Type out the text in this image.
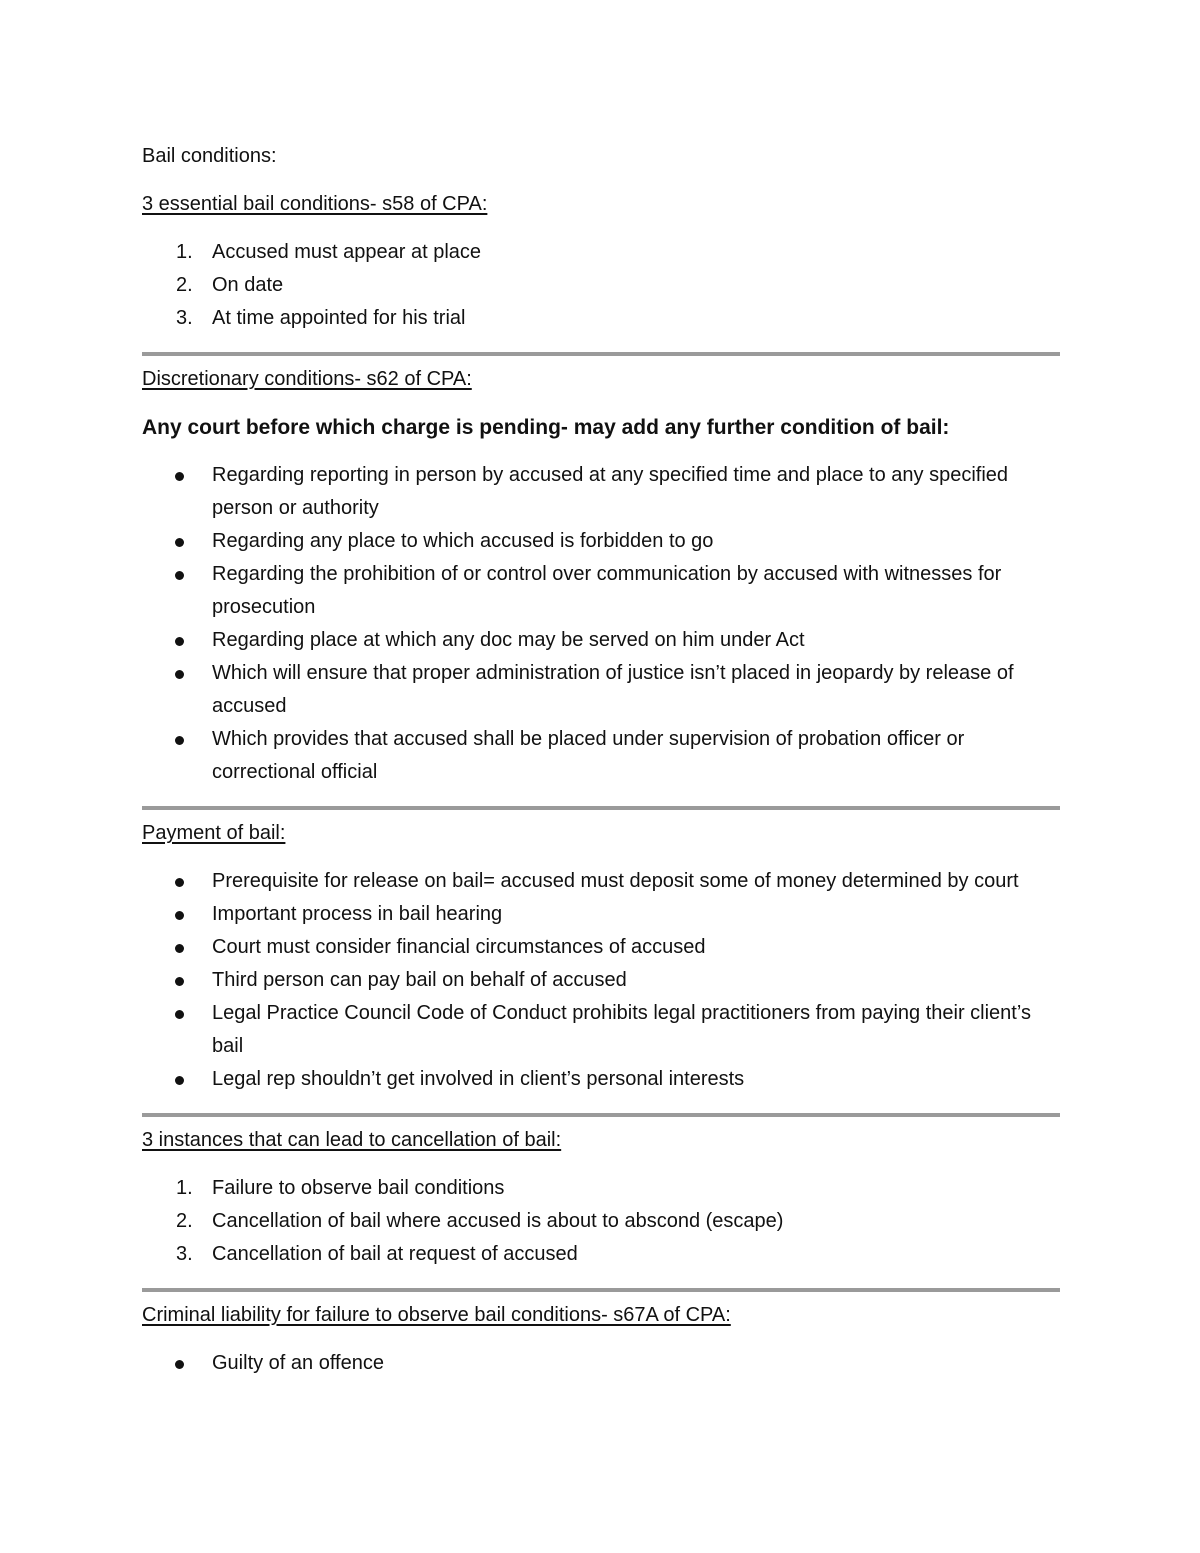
Bail conditions:

3 essential bail conditions- s58 of CPA:

1. Accused must appear at place
2. On date
3. At time appointed for his trial

Discretionary conditions- s62 of CPA:

Any court before which charge is pending- may add any further condition of bail:

Regarding reporting in person by accused at any specified time and place to any specified person or authority
Regarding any place to which accused is forbidden to go
Regarding the prohibition of or control over communication by accused with witnesses for prosecution
Regarding place at which any doc may be served on him under Act
Which will ensure that proper administration of justice isn’t placed in jeopardy by release of accused
Which provides that accused shall be placed under supervision of probation officer or correctional official

Payment of bail:

Prerequisite for release on bail= accused must deposit some of money determined by court
Important process in bail hearing
Court must consider financial circumstances of accused
Third person can pay bail on behalf of accused
Legal Practice Council Code of Conduct prohibits legal practitioners from paying their client’s bail
Legal rep shouldn’t get involved in client’s personal interests

3 instances that can lead to cancellation of bail:

1. Failure to observe bail conditions
2. Cancellation of bail where accused is about to abscond (escape)
3. Cancellation of bail at request of accused

Criminal liability for failure to observe bail conditions- s67A of CPA:

Guilty of an offence
